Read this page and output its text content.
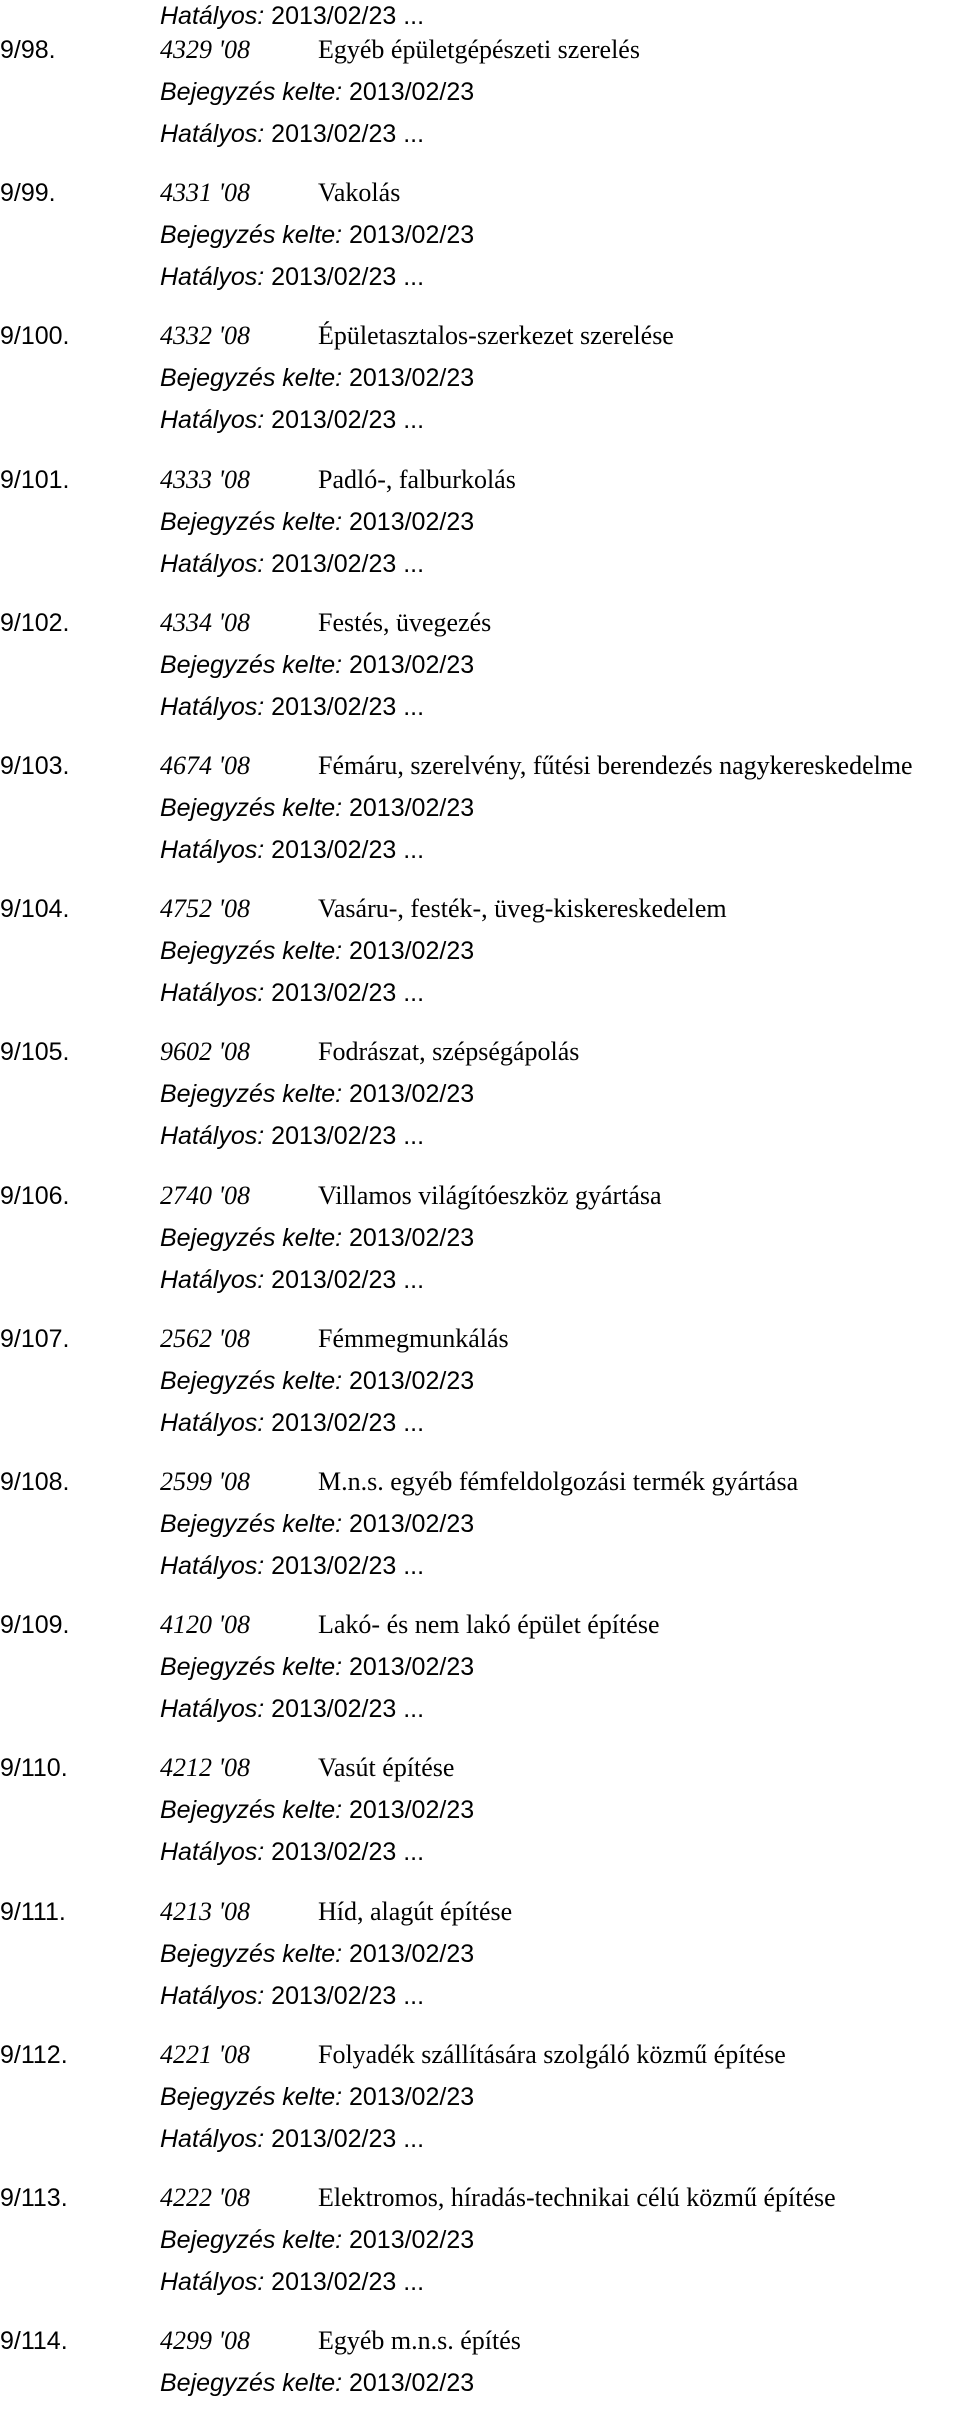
Hatályos: 2013/02/23 ...
9/98.	4329 '08	Egyéb épületgépészeti szerelés
Bejegyzés kelte: 2013/02/23
Hatályos: 2013/02/23 ...
9/99.	4331 '08	Vakolás
Bejegyzés kelte: 2013/02/23
Hatályos: 2013/02/23 ...
9/100.	4332 '08	Épületasztalos-szerkezet szerelése
Bejegyzés kelte: 2013/02/23
Hatályos: 2013/02/23 ...
9/101.	4333 '08	Padló-, falburkolás
Bejegyzés kelte: 2013/02/23
Hatályos: 2013/02/23 ...
9/102.	4334 '08	Festés, üvegezés
Bejegyzés kelte: 2013/02/23
Hatályos: 2013/02/23 ...
9/103.	4674 '08	Fémáru, szerelvény, fűtési berendezés nagykereskedelme
Bejegyzés kelte: 2013/02/23
Hatályos: 2013/02/23 ...
9/104.	4752 '08	Vasáru-, festék-, üveg-kiskereskedelem
Bejegyzés kelte: 2013/02/23
Hatályos: 2013/02/23 ...
9/105.	9602 '08	Fodrászat, szépségápolás
Bejegyzés kelte: 2013/02/23
Hatályos: 2013/02/23 ...
9/106.	2740 '08	Villamos világítóeszköz gyártása
Bejegyzés kelte: 2013/02/23
Hatályos: 2013/02/23 ...
9/107.	2562 '08	Fémmegmunkálás
Bejegyzés kelte: 2013/02/23
Hatályos: 2013/02/23 ...
9/108.	2599 '08	M.n.s. egyéb fémfeldolgozási termék gyártása
Bejegyzés kelte: 2013/02/23
Hatályos: 2013/02/23 ...
9/109.	4120 '08	Lakó- és nem lakó épület építése
Bejegyzés kelte: 2013/02/23
Hatályos: 2013/02/23 ...
9/110.	4212 '08	Vasút építése
Bejegyzés kelte: 2013/02/23
Hatályos: 2013/02/23 ...
9/111.	4213 '08	Híd, alagút építése
Bejegyzés kelte: 2013/02/23
Hatályos: 2013/02/23 ...
9/112.	4221 '08	Folyadék szállítására szolgáló közmű építése
Bejegyzés kelte: 2013/02/23
Hatályos: 2013/02/23 ...
9/113.	4222 '08	Elektromos, híradás-technikai célú közmű építése
Bejegyzés kelte: 2013/02/23
Hatályos: 2013/02/23 ...
9/114.	4299 '08	Egyéb m.n.s. építés
Bejegyzés kelte: 2013/02/23
